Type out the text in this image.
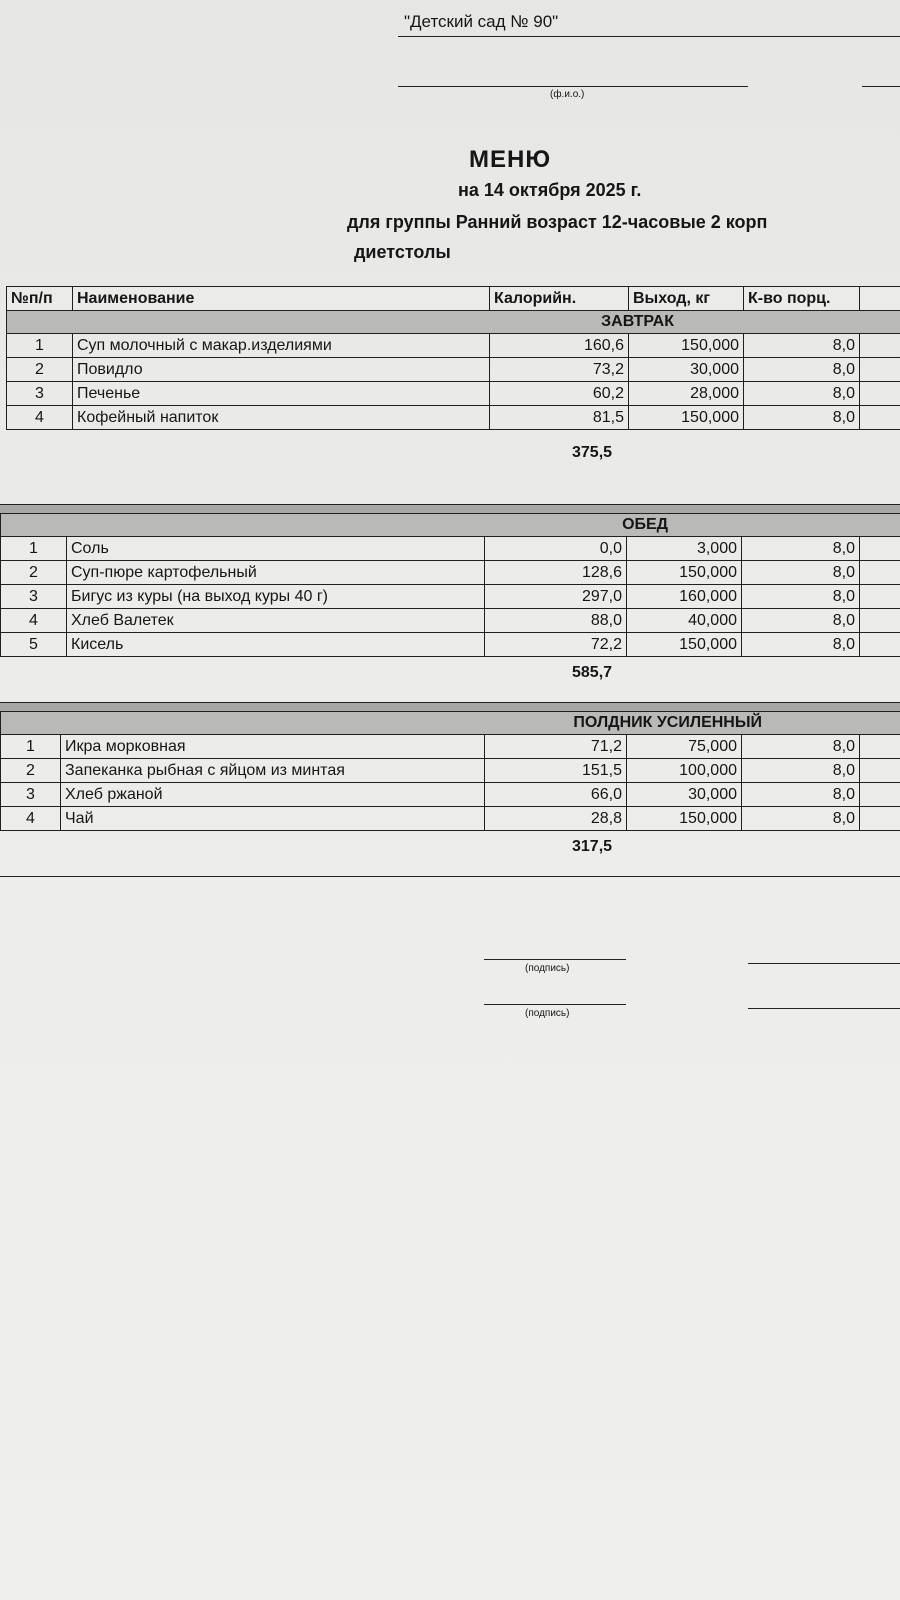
"Детский сад № 90"
(ф.и.о.)
МЕНЮ
на 14 октября 2025 г.
для группы Ранний возраст 12-часовые 2 корп
диетстолы
№п/п	Наименование	Калорийн.	Выход, кг	К-во порц.	
ЗАВТРАК					
1	Суп молочный с макар.изделиями	160,6	150,000	8,0	
2	Повидло	73,2	30,000	8,0	
3	Печенье	60,2	28,000	8,0	
4	Кофейный напиток	81,5	150,000	8,0	
375,5
ОБЕД					
1	Соль	0,0	3,000	8,0	
2	Суп-пюре картофельный	128,6	150,000	8,0	
3	Бигус из куры (на выход куры 40 г)	297,0	160,000	8,0	
4	Хлеб Валетек	88,0	40,000	8,0	
5	Кисель	72,2	150,000	8,0	
585,7
ПОЛДНИК УСИЛЕННЫЙ					
1	Икра морковная	71,2	75,000	8,0	
2	Запеканка рыбная с яйцом из минтая	151,5	100,000	8,0	
3	Хлеб ржаной	66,0	30,000	8,0	
4	Чай	28,8	150,000	8,0	
317,5
(подпись)
(подпись)
